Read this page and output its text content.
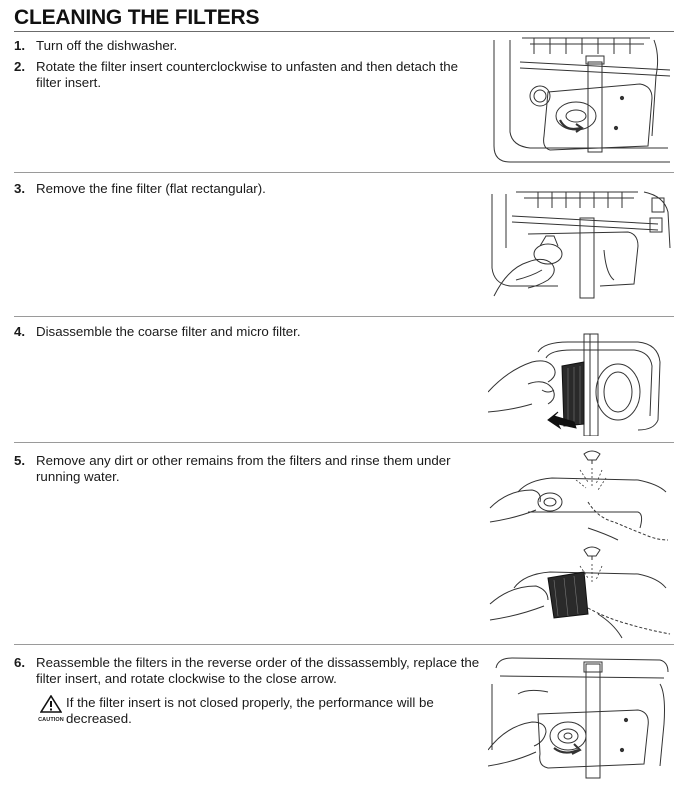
CLEANING THE FILTERS
1. Turn off the dishwasher.
2. Rotate the filter insert counterclockwise to unfasten and then detach the filter insert.
3. Remove the fine filter (flat rectangular).
4. Disassemble the coarse filter and micro filter.
5. Remove any dirt or other remains from the filters and rinse them under running water.
6. Reassemble the filters in the reverse order of the dissassembly, replace the filter insert, and rotate clockwise to the close arrow.
CAUTION
If the filter insert is not closed properly, the performance will be decreased.
